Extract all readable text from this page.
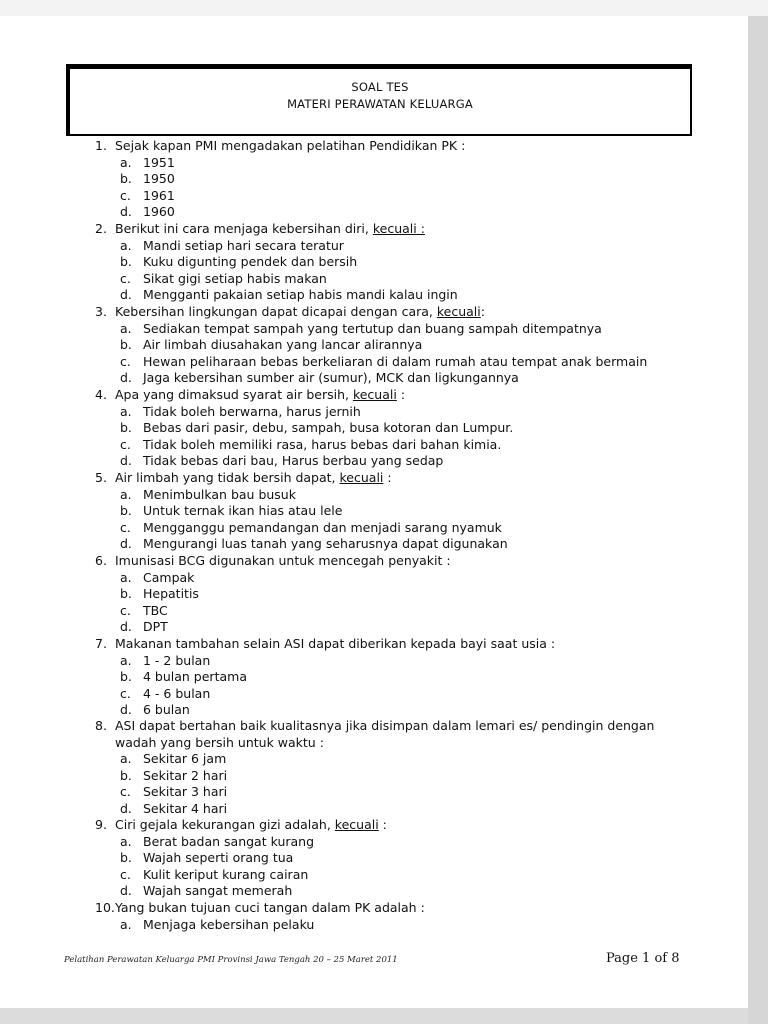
SOAL TES
MATERI PERAWATAN KELUARGA
1. Sejak kapan PMI mengadakan pelatihan Pendidikan PK :
a. 1951
b. 1950
c. 1961
d. 1960
2. Berikut ini cara menjaga kebersihan diri, kecuali :
a. Mandi setiap hari secara teratur
b. Kuku digunting pendek dan bersih
c. Sikat gigi setiap habis makan
d. Mengganti pakaian setiap habis mandi kalau ingin
3. Kebersihan lingkungan dapat dicapai dengan cara, kecuali:
a. Sediakan tempat sampah yang tertutup dan buang sampah ditempatnya
b. Air limbah diusahakan yang lancar alirannya
c. Hewan peliharaan bebas berkeliaran di dalam rumah atau tempat anak bermain
d. Jaga kebersihan sumber air (sumur), MCK dan ligkungannya
4. Apa yang dimaksud syarat air bersih, kecuali :
a. Tidak boleh berwarna, harus jernih
b. Bebas dari pasir, debu, sampah, busa kotoran dan Lumpur.
c. Tidak boleh memiliki rasa, harus bebas dari bahan kimia.
d. Tidak bebas dari bau, Harus berbau yang sedap
5. Air limbah yang tidak bersih dapat, kecuali :
a. Menimbulkan bau busuk
b. Untuk ternak ikan hias atau lele
c. Mengganggu pemandangan dan menjadi sarang nyamuk
d. Mengurangi luas tanah yang seharusnya dapat digunakan
6. Imunisasi BCG digunakan untuk mencegah penyakit :
a. Campak
b. Hepatitis
c. TBC
d. DPT
7. Makanan tambahan selain ASI dapat diberikan kepada bayi saat usia :
a. 1 - 2 bulan
b. 4 bulan pertama
c. 4 - 6 bulan
d. 6 bulan
8. ASI dapat bertahan baik kualitasnya jika disimpan dalam lemari es/ pendingin dengan wadah yang bersih untuk waktu :
a. Sekitar 6 jam
b. Sekitar 2 hari
c. Sekitar 3 hari
d. Sekitar 4 hari
9. Ciri gejala kekurangan gizi adalah, kecuali :
a. Berat badan sangat kurang
b. Wajah seperti orang tua
c. Kulit keriput kurang cairan
d. Wajah sangat memerah
10. Yang bukan tujuan cuci tangan dalam PK adalah :
a. Menjaga kebersihan pelaku
Pelatihan Perawatan Keluarga PMI Provinsi Jawa Tengah 20 – 25 Maret 2011	Page 1 of 8
